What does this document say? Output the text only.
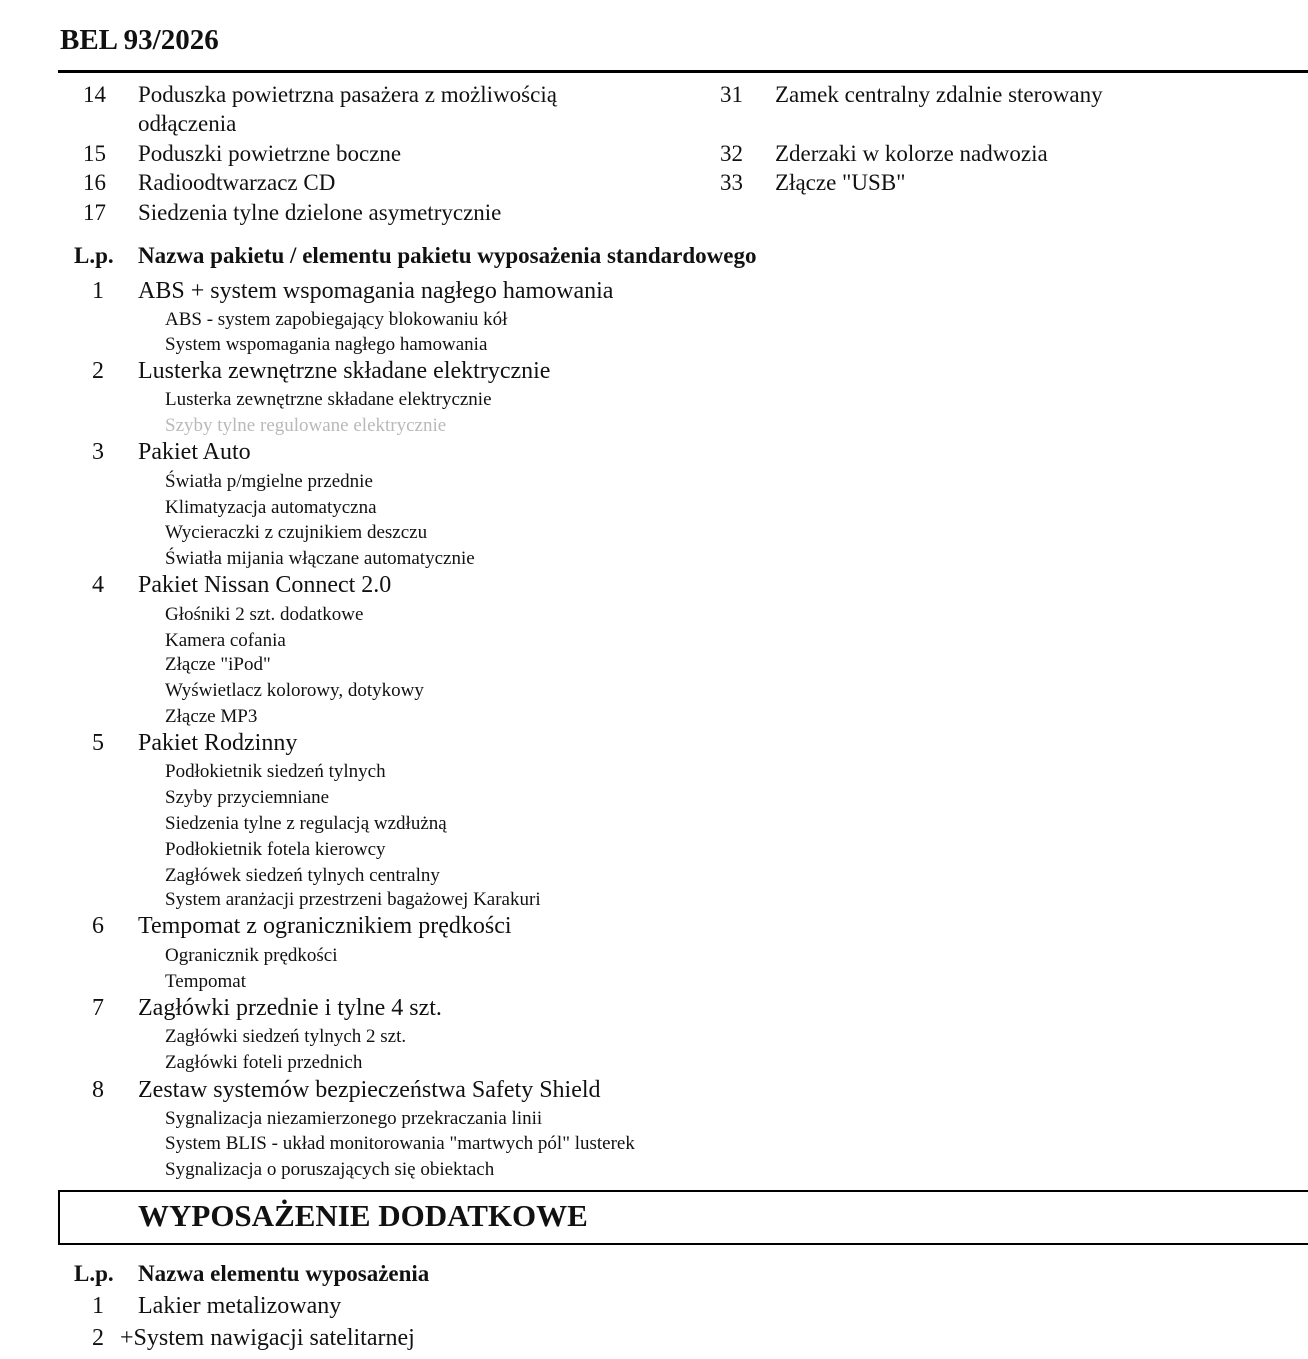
BEL 93/2026
14 Poduszka powietrzna pasażera z możliwością
odłączenia
15 Poduszki powietrzne boczne
16 Radioodtwarzacz CD
17 Siedzenia tylne dzielone asymetrycznie
31 Zamek centralny zdalnie sterowany
32 Zderzaki w kolorze nadwozia
33 Złącze "USB"
L.p. Nazwa pakietu / elementu pakietu wyposażenia standardowego
1 ABS + system wspomagania nagłego hamowania
ABS - system zapobiegający blokowaniu kół
System wspomagania nagłego hamowania
2 Lusterka zewnętrzne składane elektrycznie
Lusterka zewnętrzne składane elektrycznie
Szyby tylne regulowane elektrycznie
3 Pakiet Auto
Światła p/mgielne przednie
Klimatyzacja automatyczna
Wycieraczki z czujnikiem deszczu
Światła mijania włączane automatycznie
4 Pakiet Nissan Connect 2.0
Głośniki 2 szt. dodatkowe
Kamera cofania
Złącze "iPod"
Wyświetlacz kolorowy, dotykowy
Złącze MP3
5 Pakiet Rodzinny
Podłokietnik siedzeń tylnych
Szyby przyciemniane
Siedzenia tylne z regulacją wzdłużną
Podłokietnik fotela kierowcy
Zagłówek siedzeń tylnych centralny
System aranżacji przestrzeni bagażowej Karakuri
6 Tempomat z ogranicznikiem prędkości
Ogranicznik prędkości
Tempomat
7 Zagłówki przednie i tylne 4 szt.
Zagłówki siedzeń tylnych 2 szt.
Zagłówki foteli przednich
8 Zestaw systemów bezpieczeństwa Safety Shield
Sygnalizacja niezamierzonego przekraczania linii
System BLIS - układ monitorowania "martwych pól" lusterek
Sygnalizacja o poruszających się obiektach
WYPOSAŻENIE DODATKOWE
L.p. Nazwa elementu wyposażenia
1 Lakier metalizowany
2 +System nawigacji satelitarnej
